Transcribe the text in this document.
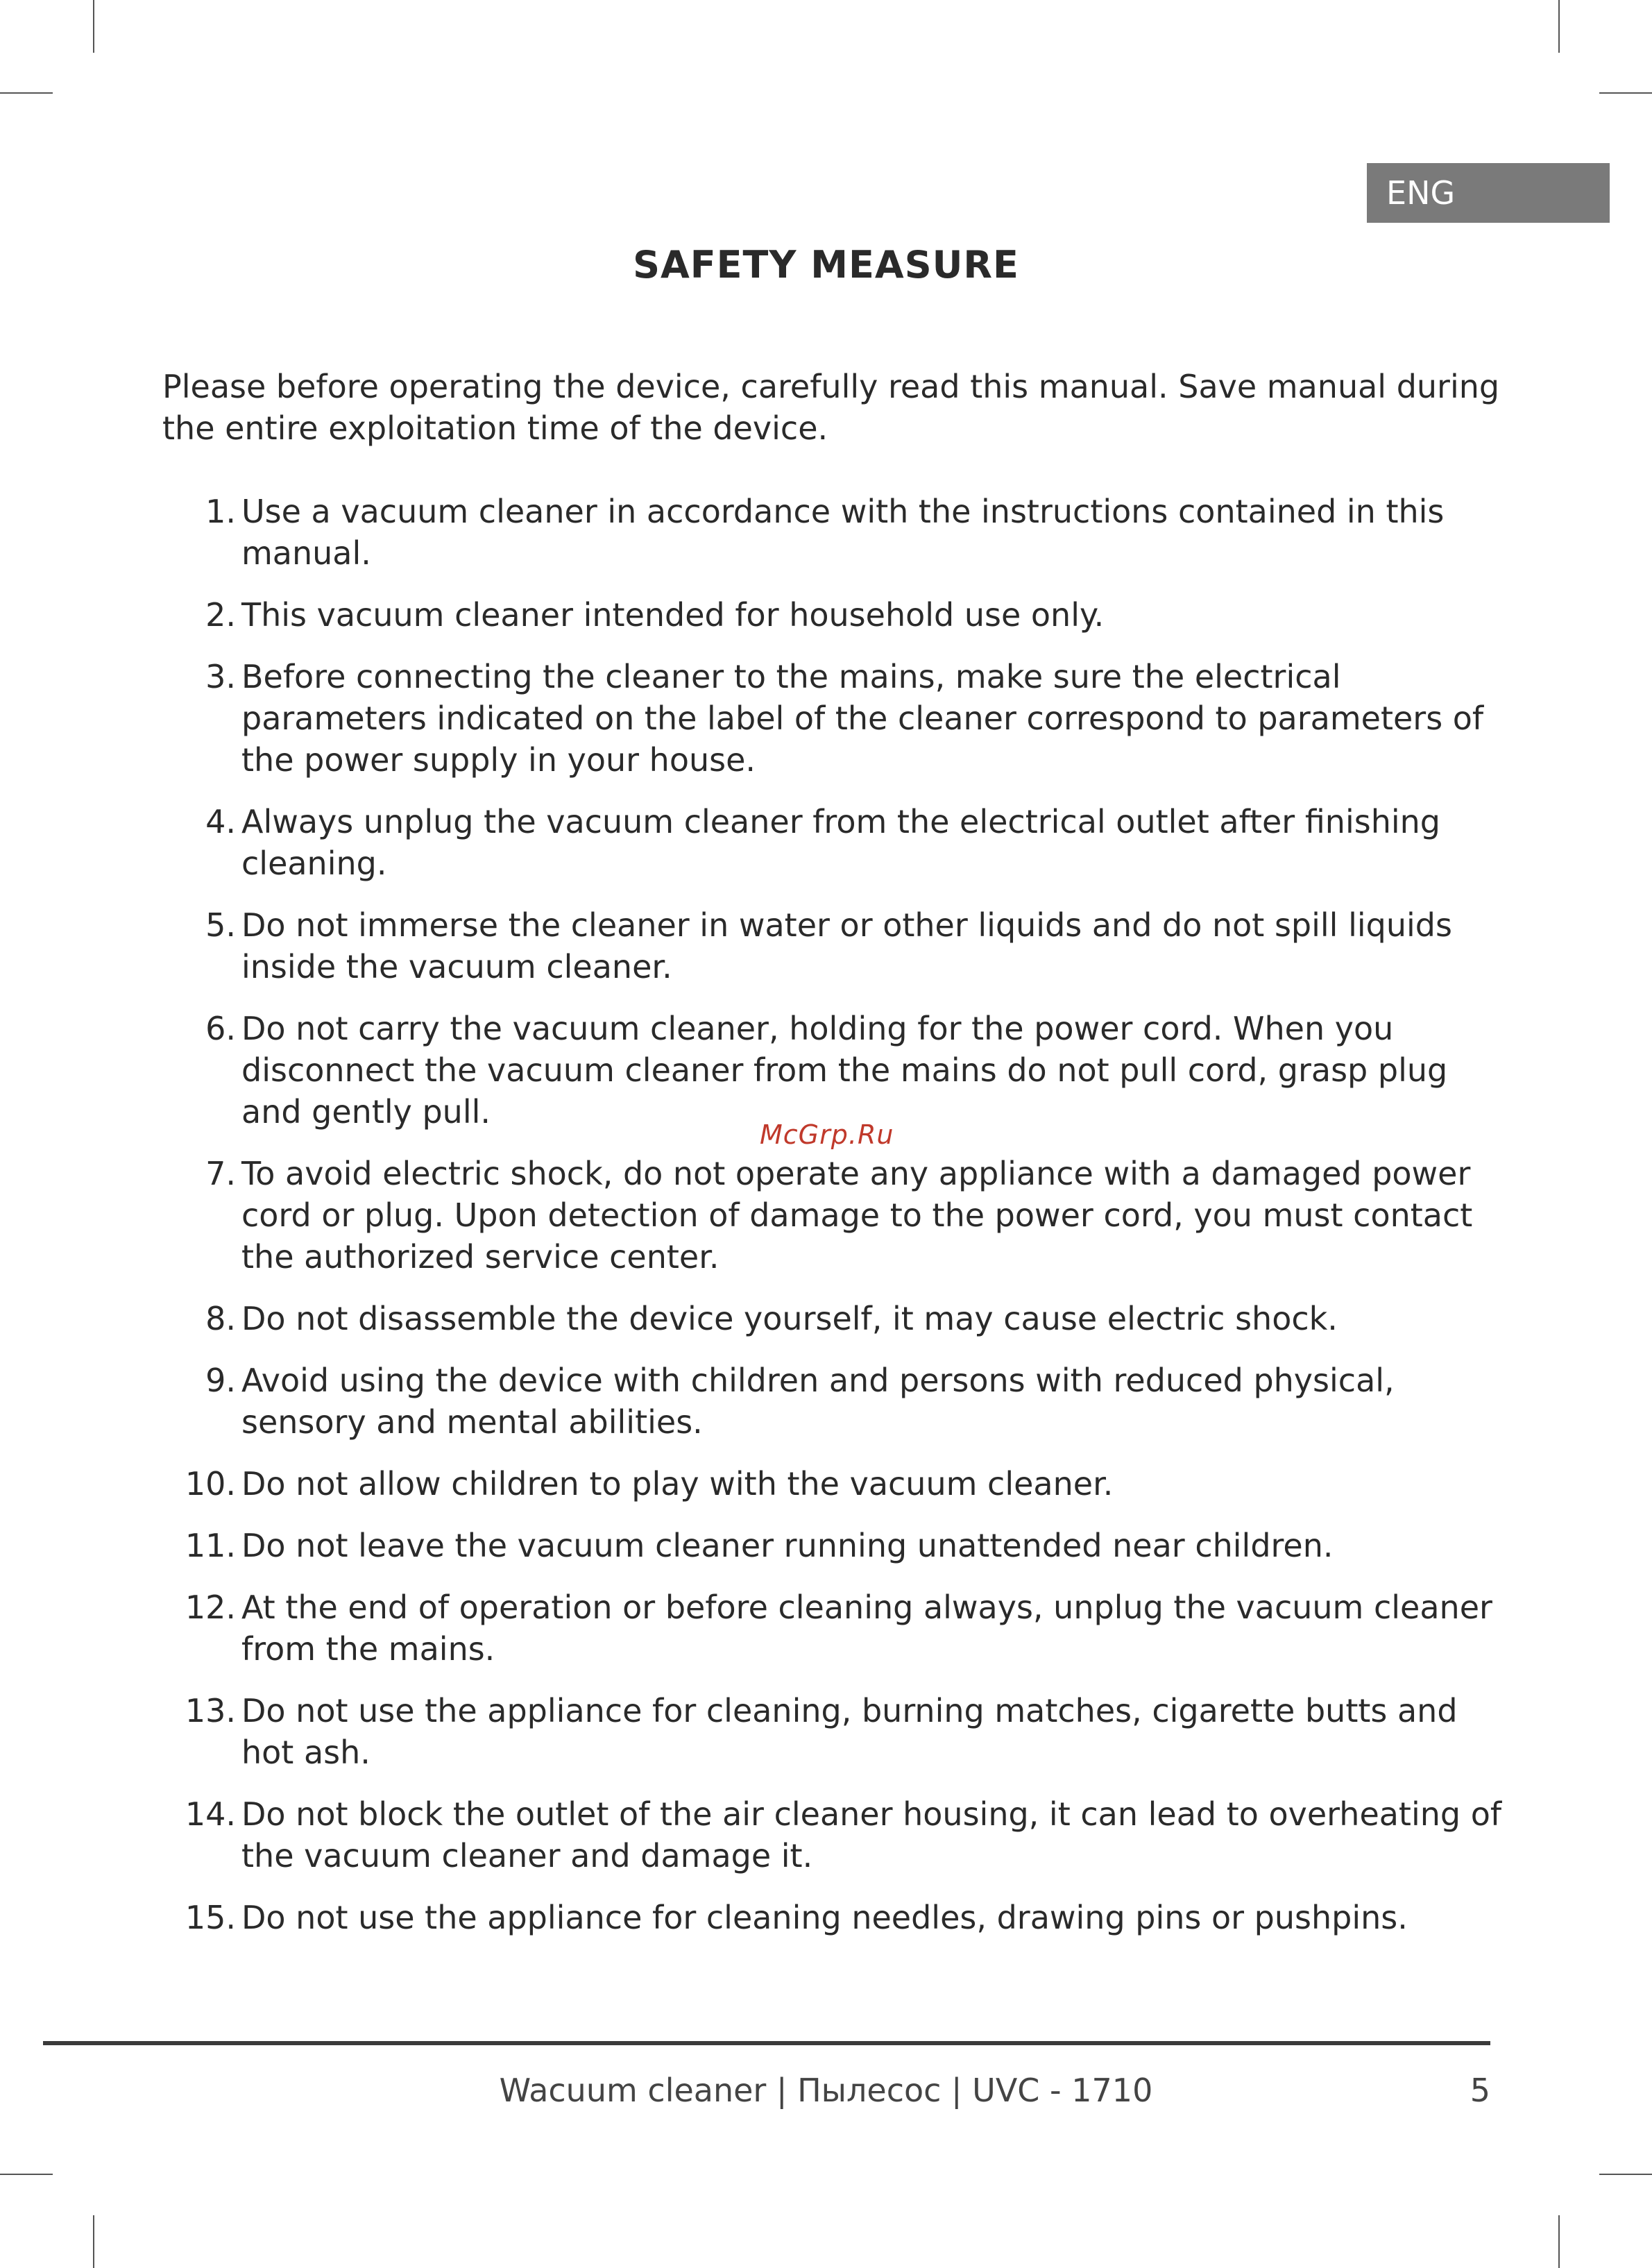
ENG
SAFETY MEASURE

Please before operating the device, carefully read this manual. Save manual during the entire exploitation time of the device.

1. Use a vacuum cleaner in accordance with the instructions contained in this manual.
2. This vacuum cleaner intended for household use only.
3. Before connecting the cleaner to the mains, make sure the electrical parameters indicated on the label of the cleaner correspond to parameters of the power supply in your house.
4. Always unplug the vacuum cleaner from the electrical outlet after finishing cleaning.
5. Do not immerse the cleaner in water or other liquids and do not spill liquids inside the vacuum cleaner.
6. Do not carry the vacuum cleaner, holding for the power cord. When you disconnect the vacuum cleaner from the mains do not pull cord, grasp plug and gently pull.
7. To avoid electric shock, do not operate any appliance with a damaged power cord or plug. Upon detection of damage to the power cord, you must contact the authorized service center.
8. Do not disassemble the device yourself, it may cause electric shock.
9. Avoid using the device with children and persons with reduced physical, sensory and mental abilities.
10. Do not allow children to play with the vacuum cleaner.
11. Do not leave the vacuum cleaner running unattended near children.
12. At the end of operation or before cleaning always, unplug the vacuum cleaner from the mains.
13. Do not use the appliance for cleaning, burning matches, cigarette butts and hot ash.
14. Do not block the outlet of the air cleaner housing, it can lead to overheating of the vacuum cleaner and damage it.
15. Do not use the appliance for cleaning needles, drawing pins or pushpins.
McGrp.Ru
Wacuum cleaner | Пылесос | UVC - 1710	5
